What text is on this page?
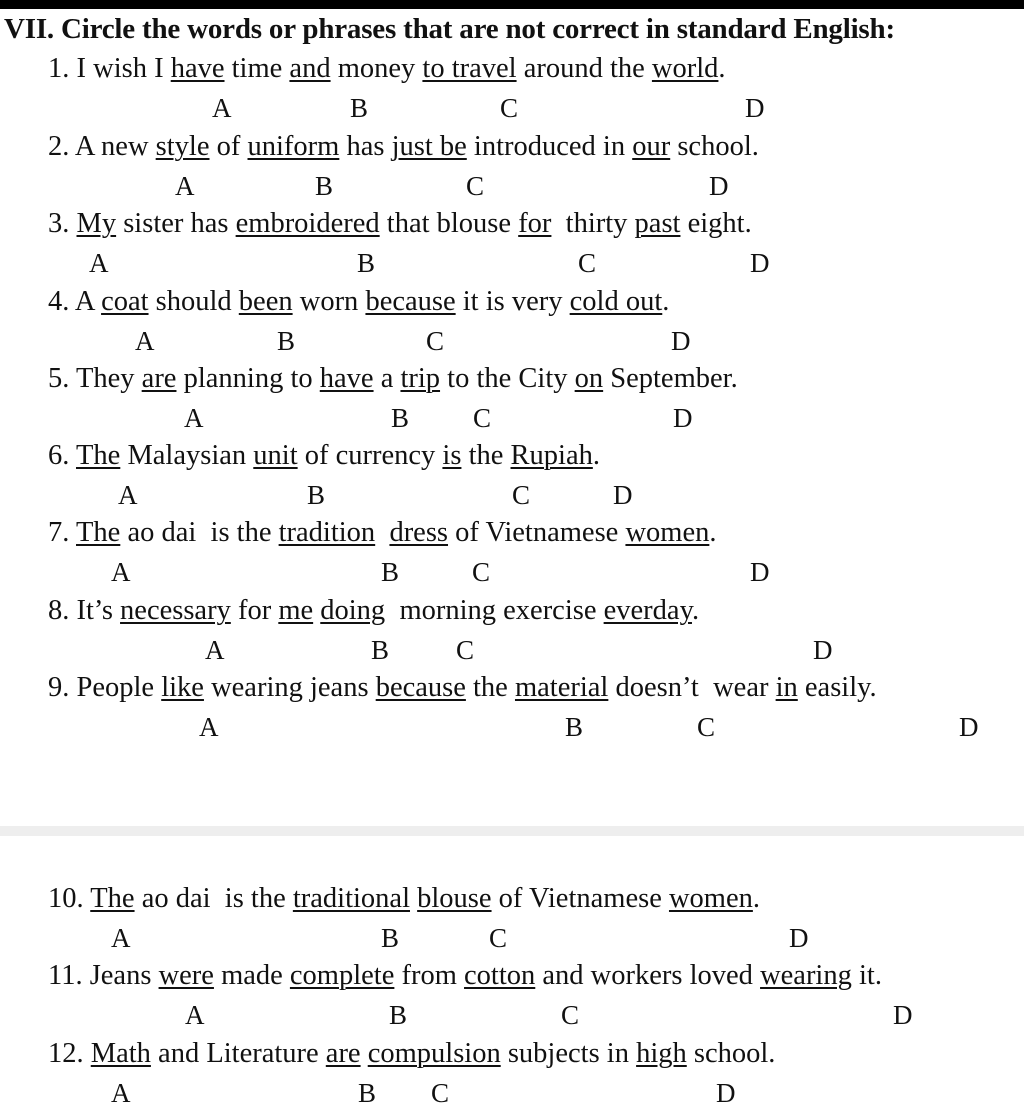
VII. Circle the words or phrases that are not correct in standard English:
1. I wish I have time and money to travel around the world.
A	B	C	D
2. A new style of uniform has just be introduced in our school.
A	B	C	D
3. My sister has embroidered that blouse for  thirty past eight.
A	B	C	D
4. A coat should been worn because it is very cold out.
A	B	C	D
5. They are planning to have a trip to the City on September.
A	B C	D
6. The Malaysian unit of currency is the Rupiah.
A	B	C	D
7. The ao dai  is the tradition dress of Vietnamese women.
A	B	C	D
8. It’s necessary for me doing  morning exercise everday.
A	B C	D
9. People like wearing jeans because the material doesn’t  wear in easily.
A	B	C	D
10. The ao dai  is the traditional blouse of Vietnamese women.
A	B	C	D
11. Jeans were made complete from cotton and workers loved wearing it.
A	B	C	D
12. Math and Literature are compulsion subjects in high school.
A	B C	D
